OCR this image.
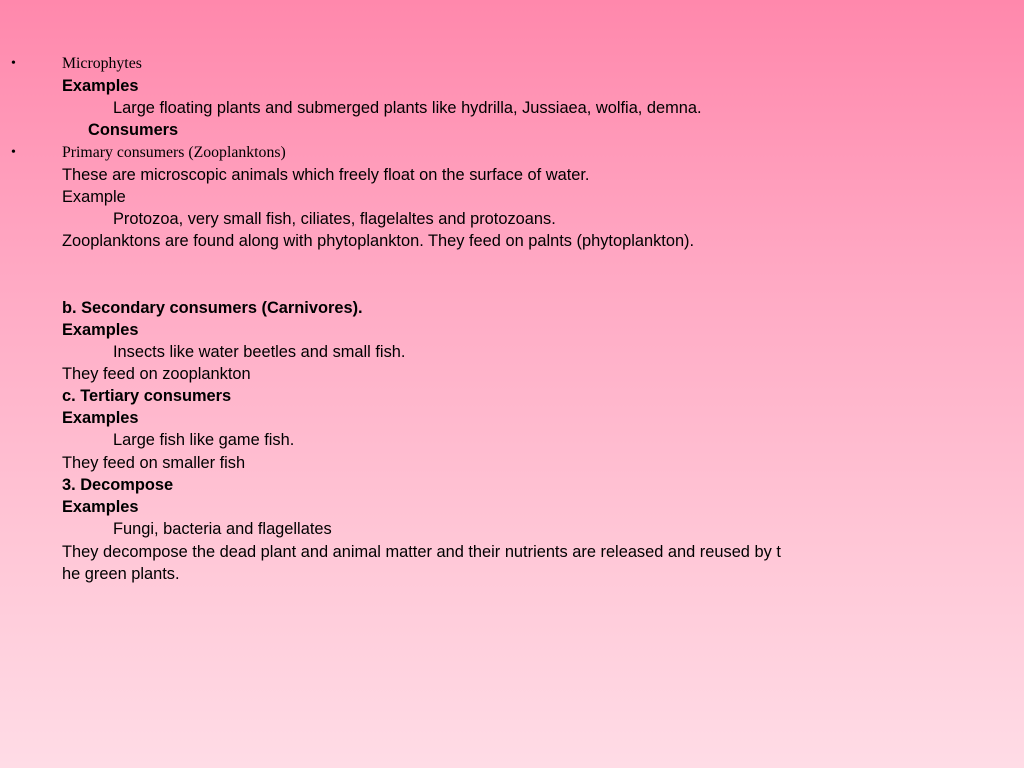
•	Microphytes
Examples
Large floating plants and submerged plants like hydrilla, Jussiaea, wolfia, demna.
Consumers
•	Primary consumers (Zooplanktons)
These are microscopic animals which freely float on the surface of water.
Example
Protozoa, very small fish, ciliates, flagelaltes and protozoans.
Zooplanktons are found along with phytoplankton. They feed on palnts (phytoplankton).
b. Secondary consumers (Carnivores).
Examples
Insects like water beetles and small fish.
They feed on zooplankton
c. Tertiary consumers
Examples
Large fish like game fish.
They feed on smaller fish
3. Decompose
Examples
Fungi, bacteria and flagellates
They decompose the dead plant and animal matter and their nutrients are released and reused by t
he green plants.
